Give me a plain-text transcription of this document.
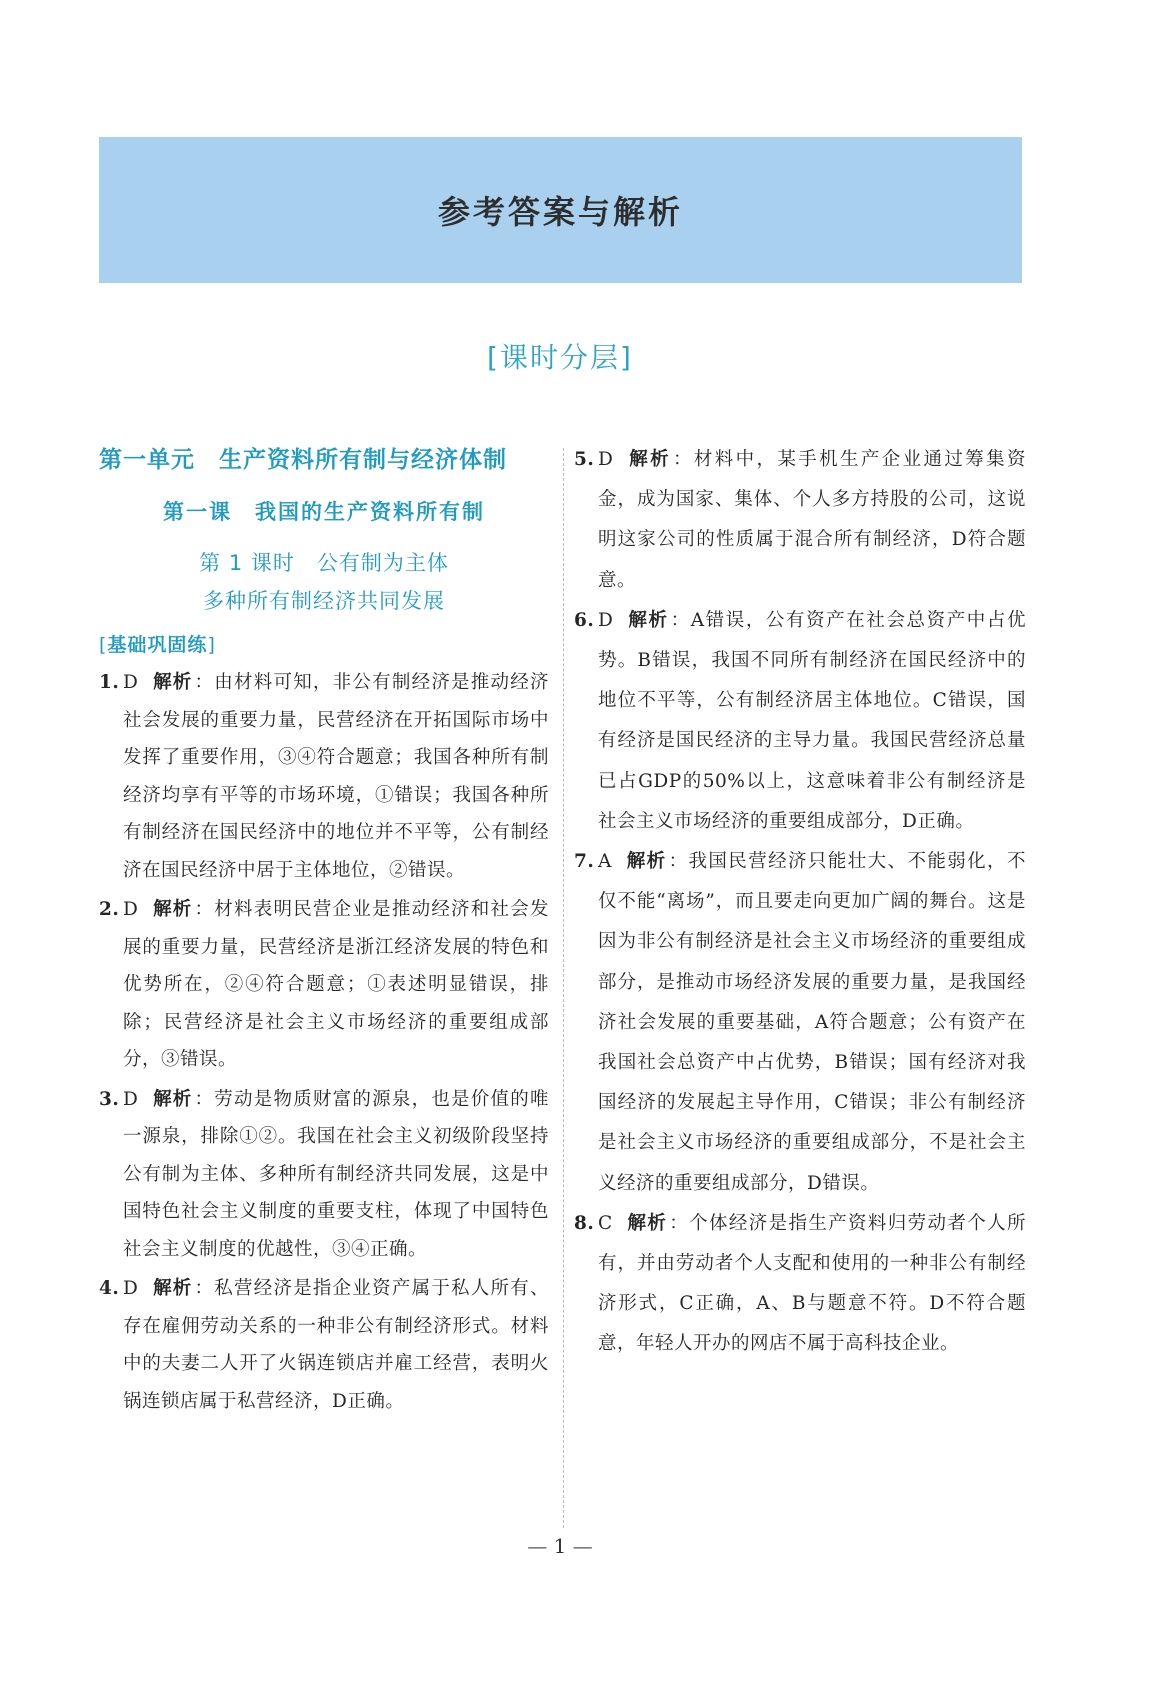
参考答案与解析
[课时分层]
第一单元　生产资料所有制与经济体制
第一课　我国的生产资料所有制
第 1 课时　公有制为主体
多种所有制经济共同发展
[基础巩固练]
1. D 解析 ：由材料可知，非公有制经济是推动经济社会发展的重要力量，民营经济在开拓国际市场中发挥了重要作用，③④符合题意；我国各种所有制经济均享有平等的市场环境，①错误；我国各种所有制经济在国民经济中的地位并不平等，公有制经济在国民经济中居于主体地位，②错误。
2. D 解析 ：材料表明民营企业是推动经济和社会发展的重要力量，民营经济是浙江经济发展的特色和优势所在，②④符合题意；①表述明显错误，排除；民营经济是社会主义市场经济的重要组成部分，③错误。
3. D 解析 ：劳动是物质财富的源泉，也是价值的唯一源泉，排除①②。我国在社会主义初级阶段坚持公有制为主体、多种所有制经济共同发展，这是中国特色社会主义制度的重要支柱，体现了中国特色社会主义制度的优越性，③④正确。
4. D 解析 ：私营经济是指企业资产属于私人所有、存在雇佣劳动关系的一种非公有制经济形式。材料中的夫妻二人开了火锅连锁店并雇工经营，表明火锅连锁店属于私营经济，D正确。
5. D 解析 ：材料中，某手机生产企业通过筹集资金，成为国家、集体、个人多方持股的公司，这说明这家公司的性质属于混合所有制经济，D符合题意。
6. D 解析 ：A错误，公有资产在社会总资产中占优势。B错误，我国不同所有制经济在国民经济中的地位不平等，公有制经济居主体地位。C错误，国有经济是国民经济的主导力量。我国民营经济总量已占GDP的50%以上，这意味着非公有制经济是社会主义市场经济的重要组成部分，D正确。
7. A 解析 ：我国民营经济只能壮大、不能弱化，不仅不能“离场”，而且要走向更加广阔的舞台。这是因为非公有制经济是社会主义市场经济的重要组成部分，是推动市场经济发展的重要力量，是我国经济社会发展的重要基础，A符合题意；公有资产在我国社会总资产中占优势，B错误；国有经济对我国经济的发展起主导作用，C错误；非公有制经济是社会主义市场经济的重要组成部分，不是社会主义经济的重要组成部分，D错误。
8. C 解析 ：个体经济是指生产资料归劳动者个人所有，并由劳动者个人支配和使用的一种非公有制经济形式，C正确，A、B与题意不符。D不符合题意，年轻人开办的网店不属于高科技企业。
— 1 —
